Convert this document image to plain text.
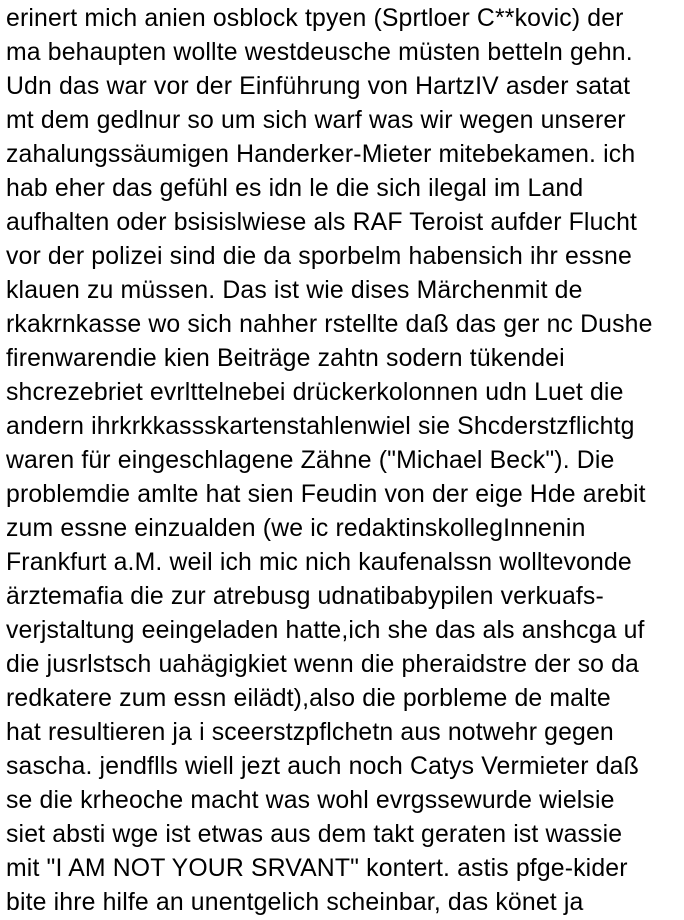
erinert mich anien osblock tpyen (Sprtloer C**kovic) der
ma behaupten wollte westdeusche müsten betteln gehn.
Udn das war vor der Einführung von HartzIV asder satat
mt dem gedlnur so um sich warf was wir wegen unserer
zahalungssäumigen Handerker-Mieter mitebekamen. ich
hab eher das gefühl es idn le die sich ilegal im Land
aufhalten oder bsisislwiese als RAF Teroist aufder Flucht
vor der polizei sind die da sporbelm habensich ihr essne
klauen zu müssen. Das ist wie dises Märchenmit de
rkakrnkasse wo sich nahher rstellte daß das ger nc Dushe
firenwarendie kien Beiträge zahtn sodern tükendei
shcrezebriet evrlttelnebei drückerkolonnen udn Luet die
andern ihrkrkkassskartenstahlenwiel sie Shcderstzflichtg
waren für eingeschlagene Zähne ("Michael Beck"). Die
problemdie amlte hat sien Feudin von der eige Hde arebit
zum essne einzualden (we ic redaktinskollegInnenin
Frankfurt a.M. weil ich mic nich kaufenalssn wolltevonde
ärztemafia die zur atrebusg udnatibabypilen verkuafs-
verjstaltung eeingeladen hatte,ich she das als anshcga uf
die jusrlstsch uahägigkiet wenn die pheraidstre der so da
redkatere zum essn eilädt),also die porbleme de malte
hat resultieren ja i sceerstzpflchetn aus notwehr gegen
sascha. jendflls wiell jezt auch noch Catys Vermieter daß
se die krheoche macht was wohl evrgssewurde wielsie
siet absti wge ist etwas aus dem takt geraten ist wassie
mit "I AM NOT YOUR SRVANT" kontert. astis pfge-kider
bite ihre hilfe an unentgelich scheinbar, das könet ja
